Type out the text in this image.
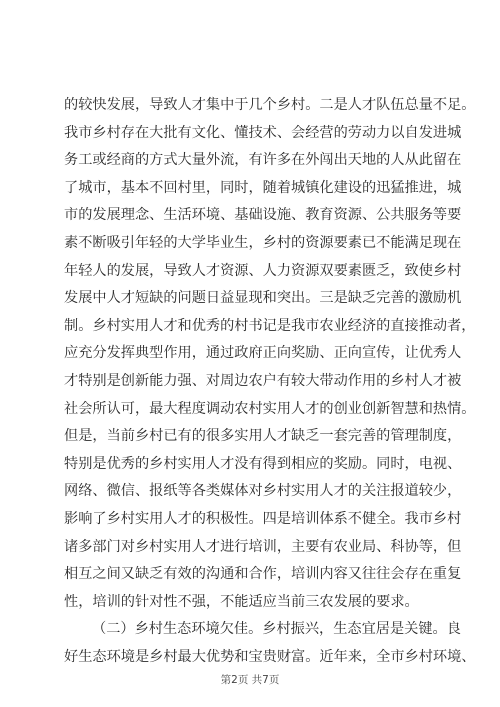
的较快发展，导致人才集中于几个乡村。二是人才队伍总量不足。
我市乡村存在大批有文化、懂技术、会经营的劳动力以自发进城
务工或经商的方式大量外流，有许多在外闯出天地的人从此留在
了城市，基本不回村里，同时，随着城镇化建设的迅猛推进，城
市的发展理念、生活环境、基础设施、教育资源、公共服务等要
素不断吸引年轻的大学毕业生，乡村的资源要素已不能满足现在
年轻人的发展，导致人才资源、人力资源双要素匮乏，致使乡村
发展中人才短缺的问题日益显现和突出。三是缺乏完善的激励机
制。乡村实用人才和优秀的村书记是我市农业经济的直接推动者，
应充分发挥典型作用，通过政府正向奖励、正向宣传，让优秀人
才特别是创新能力强、对周边农户有较大带动作用的乡村人才被
社会所认可，最大程度调动农村实用人才的创业创新智慧和热情。
但是，当前乡村已有的很多实用人才缺乏一套完善的管理制度，
特别是优秀的乡村实用人才没有得到相应的奖励。同时，电视、
网络、微信、报纸等各类媒体对乡村实用人才的关注报道较少，
影响了乡村实用人才的积极性。四是培训体系不健全。我市乡村
诸多部门对乡村实用人才进行培训，主要有农业局、科协等，但
相互之间又缺乏有效的沟通和合作，培训内容又往往会存在重复
性，培训的针对性不强，不能适应当前三农发展的要求。
（二）乡村生态环境欠佳。乡村振兴，生态宜居是关键。良
好生态环境是乡村最大优势和宝贵财富。近年来，全市乡村环境、
第2页 共7页
